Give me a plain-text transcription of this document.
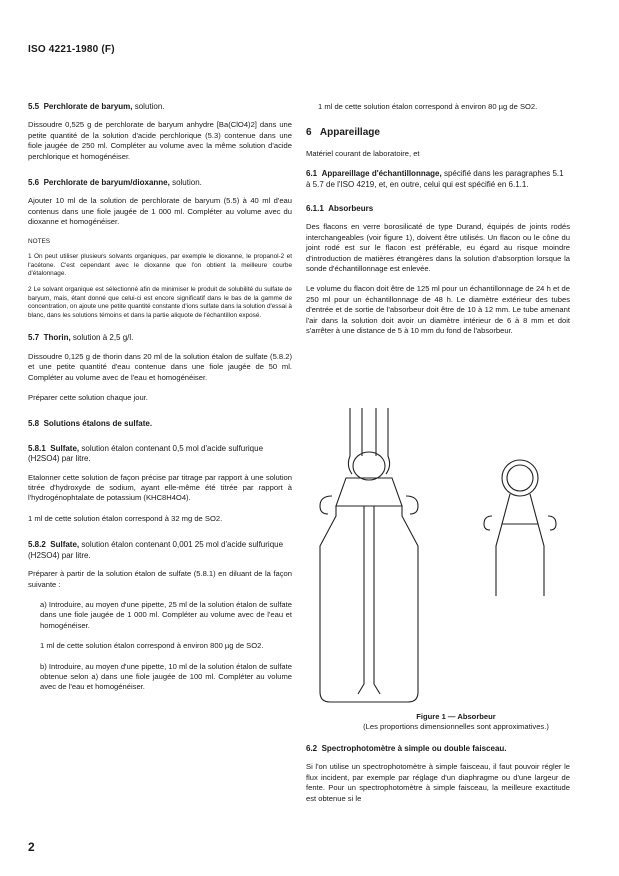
ISO 4221-1980 (F)
5.5 Perchlorate de baryum, solution.
Dissoudre 0,525 g de perchlorate de baryum anhydre [Ba(ClO4)2] dans une petite quantité de la solution d'acide perchlorique (5.3) contenue dans une fiole jaugée de 250 ml. Compléter au volume avec la même solution d'acide perchlorique et homogénéiser.
5.6 Perchlorate de baryum/dioxanne, solution.
Ajouter 10 ml de la solution de perchlorate de baryum (5.5) à 40 ml d'eau contenus dans une fiole jaugée de 1 000 ml. Compléter au volume avec du dioxanne et homogénéiser.
NOTES
1 On peut utiliser plusieurs solvants organiques, par exemple le dioxanne, le propanol-2 et l'acétone. C'est cependant avec le dioxanne que l'on obtient la meilleure courbe d'étalonnage.
2 Le solvant organique est sélectionné afin de minimiser le produit de solubilité du sulfate de baryum, mais, étant donné que celui-ci est encore significatif dans le bas de la gamme de concentration, on ajoute une petite quantité constante d'ions sulfate dans la solution d'essai à blanc, dans les solutions témoins et dans la partie aliquote de l'échantillon exposé.
5.7 Thorin, solution à 2,5 g/l.
Dissoudre 0,125 g de thorin dans 20 ml de la solution étalon de sulfate (5.8.2) et une petite quantité d'eau contenue dans une fiole jaugée de 50 ml. Compléter au volume avec de l'eau et homogénéiser.
Préparer cette solution chaque jour.
5.8 Solutions étalons de sulfate.
5.8.1 Sulfate, solution étalon contenant 0,5 mol d'acide sulfurique (H2SO4) par litre.
Etalonner cette solution de façon précise par titrage par rapport à une solution titrée d'hydroxyde de sodium, ayant elle-même été titrée par rapport à l'hydrogénophtalate de potassium (KHC8H4O4).
1 ml de cette solution étalon correspond à 32 mg de SO2.
5.8.2 Sulfate, solution étalon contenant 0,001 25 mol d'acide sulfurique (H2SO4) par litre.
Préparer à partir de la solution étalon de sulfate (5.8.1) en diluant de la façon suivante :
a) Introduire, au moyen d'une pipette, 25 ml de la solution étalon de sulfate dans une fiole jaugée de 1 000 ml. Compléter au volume avec de l'eau et homogénéiser.
1 ml de cette solution étalon correspond à environ 800 µg de SO2.
b) Introduire, au moyen d'une pipette, 10 ml de la solution étalon de sulfate obtenue selon a) dans une fiole jaugée de 100 ml. Compléter au volume avec de l'eau et homogénéiser.
1 ml de cette solution étalon correspond à environ 80 µg de SO2.
6 Appareillage
Matériel courant de laboratoire, et
6.1 Appareillage d'échantillonnage, spécifié dans les paragraphes 5.1 à 5.7 de l'ISO 4219, et, en outre, celui qui est spécifié en 6.1.1.
6.1.1 Absorbeurs
Des flacons en verre borosilicaté de type Durand, équipés de joints rodés interchangeables (voir figure 1), doivent être utilisés. Un flacon ou le cône du joint rodé est sur le flacon est préférable, eu égard au risque moindre d'introduction de matières étrangères dans la solution d'absorption lorsque la sonde d'échantillonnage est enlevée.
Le volume du flacon doit être de 125 ml pour un échantillonnage de 24 h et de 250 ml pour un échantillonnage de 48 h. Le diamètre extérieur des tubes d'entrée et de sortie de l'absorbeur doit être de 10 à 12 mm. Le tube amenant l'air dans la solution doit avoir un diamètre intérieur de 6 à 8 mm et doit s'arrêter à une distance de 5 à 10 mm du fond de l'absorbeur.
Figure 1 — Absorbeur
(Les proportions dimensionnelles sont approximatives.)
6.2 Spectrophotomètre à simple ou double faisceau.
Si l'on utilise un spectrophotomètre à simple faisceau, il faut pouvoir régler le flux incident, par exemple par réglage d'un diaphragme ou d'une largeur de fente. Pour un spectrophotomètre à simple faisceau, la meilleure exactitude est obtenue si le
2
